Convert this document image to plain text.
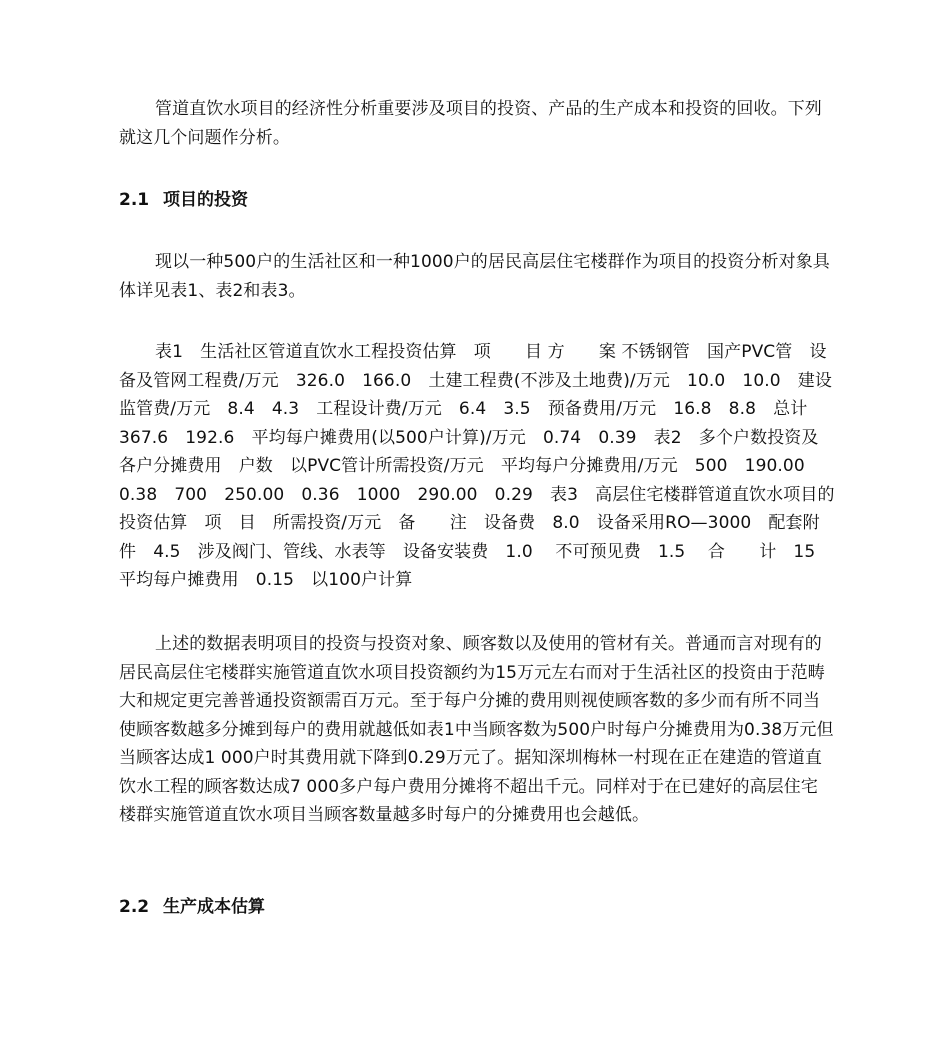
管道直饮水项目的经济性分析重要涉及项目的投资、产品的生产成本和投资的回收。下列就这几个问题作分析。

2.1 项目的投资

现以一种500户的生活社区和一种1000户的居民高层住宅楼群作为项目的投资分析对象具体详见表1、表2和表3。

表1　生活社区管道直饮水工程投资估算　项　　目 方　　案 不锈钢管　国产PVC管　设备及管网工程费/万元　326.0　166.0　土建工程费(不涉及土地费)/万元　10.0　10.0　建设监管费/万元　8.4　4.3　工程设计费/万元　6.4　3.5　预备费用/万元　16.8　8.8　总计　367.6　192.6　平均每户摊费用(以500户计算)/万元　0.74　0.39　表2　多个户数投资及各户分摊费用　户数　以PVC管计所需投资/万元　平均每户分摊费用/万元　500　190.00　0.38　700　250.00　0.36　1000　290.00　0.29　表3　高层住宅楼群管道直饮水项目的投资估算　项　目　所需投资/万元　备　　注　设备费　8.0　设备采用RO—3000　配套附件　4.5　涉及阀门、管线、水表等　设备安装费　1.0　 不可预见费　1.5　 合　　计　15　 平均每户摊费用　0.15　以100户计算

上述的数据表明项目的投资与投资对象、顾客数以及使用的管材有关。普通而言对现有的居民高层住宅楼群实施管道直饮水项目投资额约为15万元左右而对于生活社区的投资由于范畴大和规定更完善普通投资额需百万元。至于每户分摊的费用则视使顾客数的多少而有所不同当使顾客数越多分摊到每户的费用就越低如表1中当顾客数为500户时每户分摊费用为0.38万元但当顾客达成1 000户时其费用就下降到0.29万元了。据知深圳梅林一村现在正在建造的管道直饮水工程的顾客数达成7 000多户每户费用分摊将不超出千元。同样对于在已建好的高层住宅楼群实施管道直饮水项目当顾客数量越多时每户的分摊费用也会越低。

2.2 生产成本估算
